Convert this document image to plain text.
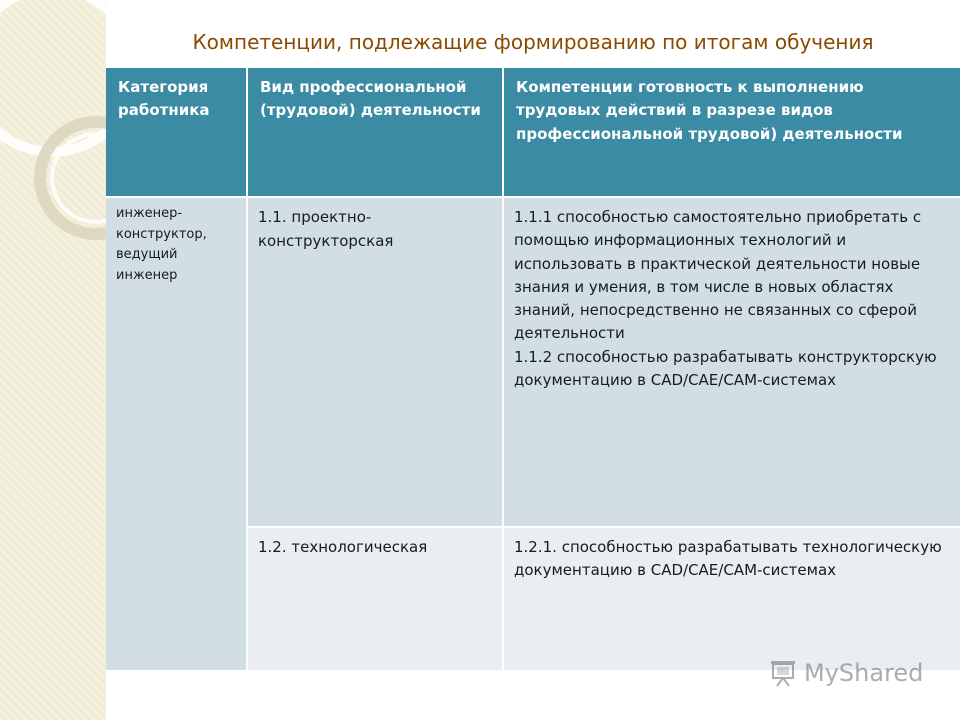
Компетенции, подлежащие формированию по итогам обучения
Категория работника	Вид профессиональной (трудовой) деятельности	Компетенции готовность к выполнению трудовых действий в разрезе видов профессиональной трудовой) деятельности
инженер-конструктор, ведущий инженер	1.1. проектно-конструкторская	1.1.1 способностью самостоятельно приобретать с помощью информационных технологий и использовать в практической деятельности новые знания и умения, в том числе в новых областях знаний, непосредственно не связанных со сферой деятельности

1.1.2 способностью разрабатывать конструкторскую документацию в CAD/CAE/CAM-системах

	1.2. технологическая	1.2.1. способностью разрабатывать технологическую документацию в CAD/CAE/CAM-системах

MyShared
